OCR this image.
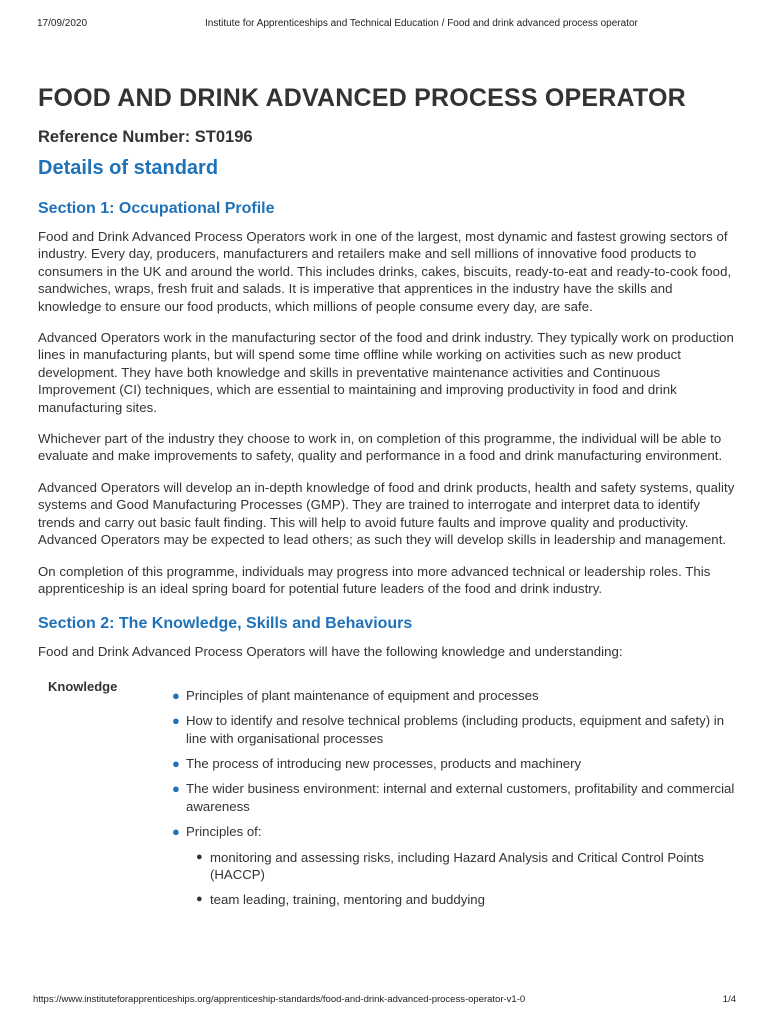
17/09/2020	Institute for Apprenticeships and Technical Education / Food and drink advanced process operator
FOOD AND DRINK ADVANCED PROCESS OPERATOR
Reference Number: ST0196
Details of standard
Section 1: Occupational Profile

Food and Drink Advanced Process Operators work in one of the largest, most dynamic and fastest growing sectors of industry. Every day, producers, manufacturers and retailers make and sell millions of innovative food products to consumers in the UK and around the world. This includes drinks, cakes, biscuits, ready-to-eat and ready-to-cook food, sandwiches, wraps, fresh fruit and salads. It is imperative that apprentices in the industry have the skills and knowledge to ensure our food products, which millions of people consume every day, are safe.

Advanced Operators work in the manufacturing sector of the food and drink industry. They typically work on production lines in manufacturing plants, but will spend some time offline while working on activities such as new product development. They have both knowledge and skills in preventative maintenance activities and Continuous Improvement (CI) techniques, which are essential to maintaining and improving productivity in food and drink manufacturing sites.

Whichever part of the industry they choose to work in, on completion of this programme, the individual will be able to evaluate and make improvements to safety, quality and performance in a food and drink manufacturing environment.

Advanced Operators will develop an in-depth knowledge of food and drink products, health and safety systems, quality systems and Good Manufacturing Processes (GMP). They are trained to interrogate and interpret data to identify trends and carry out basic fault finding. This will help to avoid future faults and improve quality and productivity. Advanced Operators may be expected to lead others; as such they will develop skills in leadership and management.

On completion of this programme, individuals may progress into more advanced technical or leadership roles. This apprenticeship is an ideal spring board for potential future leaders of the food and drink industry.

Section 2: The Knowledge, Skills and Behaviours

Food and Drink Advanced Process Operators will have the following knowledge and understanding:

Knowledge
● Principles of plant maintenance of equipment and processes
● How to identify and resolve technical problems (including products, equipment and safety) in line with organisational processes
● The process of introducing new processes, products and machinery
● The wider business environment: internal and external customers, profitability and commercial awareness
● Principles of:
● monitoring and assessing risks, including Hazard Analysis and Critical Control Points (HACCP)
● team leading, training, mentoring and buddying
https://www.instituteforapprenticeships.org/apprenticeship-standards/food-and-drink-advanced-process-operator-v1-0	1/4
